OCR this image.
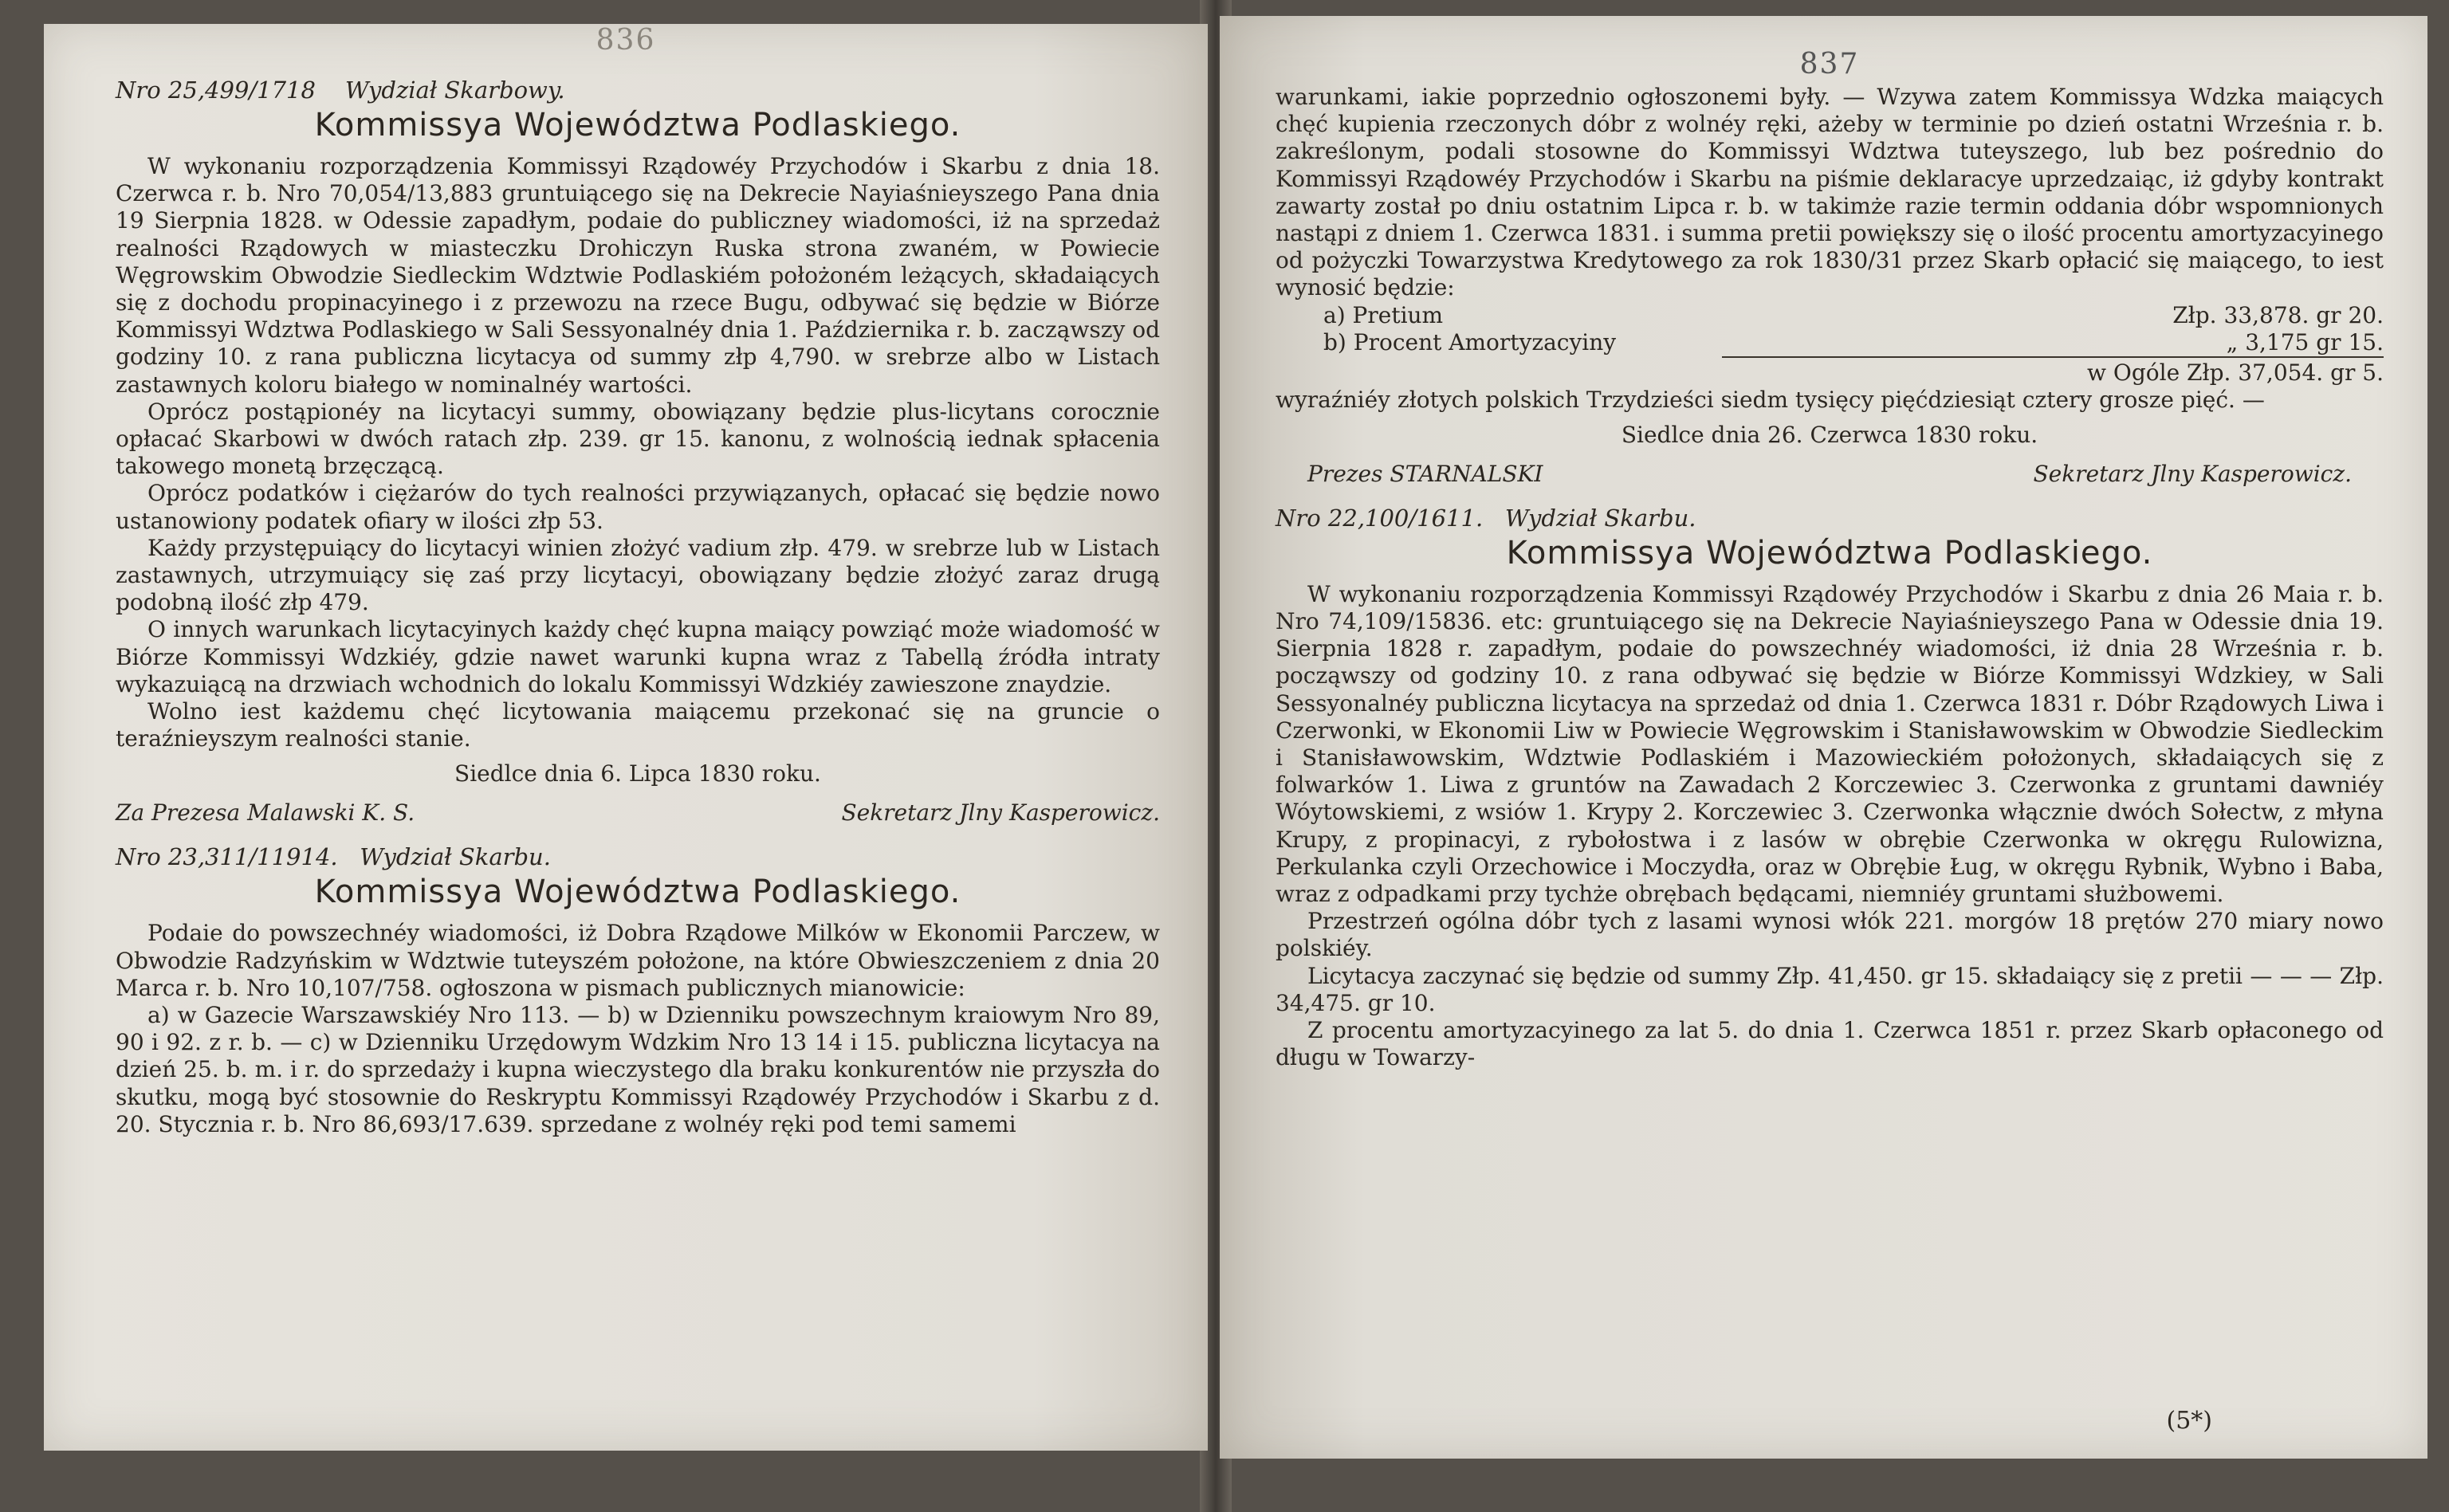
836
Nro 25,499/1718 Wydział Skarbowy.
Kommissya Województwa Podlaskiego.

W wykonaniu rozporządzenia Kommissyi Rządowéy Przychodów i Skarbu z dnia 18. Czerwca r. b. Nro 70,054/13,883 gruntuiącego się na Dekrecie Nayiaśnieyszego Pana dnia 19 Sierpnia 1828. w Odessie zapadłym, podaie do publiczney wiadomości, iż na sprzedaż realności Rządowych w miasteczku Drohiczyn Ruska strona zwaném, w Powiecie Węgrowskim Obwodzie Siedleckim Wdztwie Podlaskiém położoném leżących, składaiących się z dochodu propinacyinego i z przewozu na rzece Bugu, odbywać się będzie w Biórze Kommissyi Wdztwa Podlaskiego w Sali Sessyonalnéy dnia 1. Października r. b. zacząwszy od godziny 10. z rana publiczna licytacya od summy złp 4,790. w srebrze albo w Listach zastawnych koloru białego w nominalnéy wartości.

Oprócz postąpionéy na licytacyi summy, obowiązany będzie plus-licytans corocznie opłacać Skarbowi w dwóch ratach złp. 239. gr 15. kanonu, z wolnością iednak spłacenia takowego monetą brzęczącą.

Oprócz podatków i ciężarów do tych realności przywiązanych, opłacać się będzie nowo ustanowiony podatek ofiary w ilości złp 53.

Każdy przystępuiący do licytacyi winien złożyć vadium złp. 479. w srebrze lub w Listach zastawnych, utrzymuiący się zaś przy licytacyi, obowiązany będzie złożyć zaraz drugą podobną ilość złp 479.

O innych warunkach licytacyinych każdy chęć kupna maiący powziąć może wiadomość w Biórze Kommissyi Wdzkiéy, gdzie nawet warunki kupna wraz z Tabellą źródła intraty wykazuiącą na drzwiach wchodnich do lokalu Kommissyi Wdzkiéy zawieszone znaydzie.

Wolno iest każdemu chęć licytowania maiącemu przekonać się na gruncie o teraźnieyszym realności stanie.

Siedlce dnia 6. Lipca 1830 roku.
Za Prezesa Malawski K. S.	Sekretarz Jlny Kasperowicz.
Nro 23,311/11914. Wydział Skarbu.
Kommissya Województwa Podlaskiego.

Podaie do powszechnéy wiadomości, iż Dobra Rządowe Milków w Ekonomii Parczew, w Obwodzie Radzyńskim w Wdztwie tuteyszém położone, na które Obwieszczeniem z dnia 20 Marca r. b. Nro 10,107/758. ogłoszona w pismach publicznych mianowicie:

a) w Gazecie Warszawskiéy Nro 113. — b) w Dzienniku powszechnym kraiowym Nro 89, 90 i 92. z r. b. — c) w Dzienniku Urzędowym Wdzkim Nro 13 14 i 15. publiczna licytacya na dzień 25. b. m. i r. do sprzedaży i kupna wieczystego dla braku konkurentów nie przyszła do skutku, mogą być stosownie do Reskryptu Kommissyi Rządowéy Przychodów i Skarbu z d. 20. Stycznia r. b. Nro 86,693/17.639. sprzedane z wolnéy ręki pod temi samemi

837

warunkami, iakie poprzednio ogłoszonemi były. — Wzywa zatem Kommissya Wdzka maiących chęć kupienia rzeczonych dóbr z wolnéy ręki, ażeby w terminie po dzień ostatni Września r. b. zakreślonym, podali stosowne do Kommissyi Wdztwa tuteyszego, lub bez pośrednio do Kommissyi Rządowéy Przychodów i Skarbu na piśmie deklaracye uprzedzaiąc, iż gdyby kontrakt zawarty został po dniu ostatnim Lipca r. b. w takimże razie termin oddania dóbr wspomnionych nastąpi z dniem 1. Czerwca 1831. i summa pretii powiększy się o ilość procentu amortyzacyinego od pożyczki Towarzystwa Kredytowego za rok 1830/31 przez Skarb opłacić się maiącego, to iest wynosić będzie:

a) Pretium	Złp. 33,878. gr 20.
b) Procent Amortyzacyiny	„ 3,175 gr 15.
w Ogóle Złp. 37,054. gr 5.

wyraźniéy złotych polskich Trzydzieści siedm tysięcy pięćdziesiąt cztery grosze pięć. —

Siedlce dnia 26. Czerwca 1830 roku.
Prezes STARNALSKI	Sekretarz Jlny Kasperowicz.
Nro 22,100/1611. Wydział Skarbu.
Kommissya Województwa Podlaskiego.

W wykonaniu rozporządzenia Kommissyi Rządowéy Przychodów i Skarbu z dnia 26 Maia r. b. Nro 74,109/15836. etc: gruntuiącego się na Dekrecie Nayiaśnieyszego Pana w Odessie dnia 19. Sierpnia 1828 r. zapadłym, podaie do powszechnéy wiadomości, iż dnia 28 Września r. b. począwszy od godziny 10. z rana odbywać się będzie w Biórze Kommissyi Wdzkiey, w Sali Sessyonalnéy publiczna licytacya na sprzedaż od dnia 1. Czerwca 1831 r. Dóbr Rządowych Liwa i Czerwonki, w Ekonomii Liw w Powiecie Węgrowskim i Stanisławowskim w Obwodzie Siedleckim i Stanisławowskim, Wdztwie Podlaskiém i Mazowieckiém położonych, składaiących się z folwarków 1. Liwa z gruntów na Zawadach 2 Korczewiec 3. Czerwonka z gruntami dawniéy Wóytowskiemi, z wsiów 1. Krypy 2. Korczewiec 3. Czerwonka włącznie dwóch Sołectw, z młyna Krupy, z propinacyi, z rybołostwa i z lasów w obrębie Czerwonka w okręgu Rulowizna, Perkulanka czyli Orzechowice i Moczydła, oraz w Obrębie Ług, w okręgu Rybnik, Wybno i Baba, wraz z odpadkami przy tychże obrębach będącami, niemniéy gruntami służbowemi.

Przestrzeń ogólna dóbr tych z lasami wynosi włók 221. morgów 18 prętów 270 miary nowo polskiéy.

Licytacya zaczynać się będzie od summy Złp. 41,450. gr 15. składaiący się z pretii — — — Złp. 34,475. gr 10.

Z procentu amortyzacyinego za lat 5. do dnia 1. Czerwca 1851 r. przez Skarb opłaconego od długu w Towarzy-

(5*)
